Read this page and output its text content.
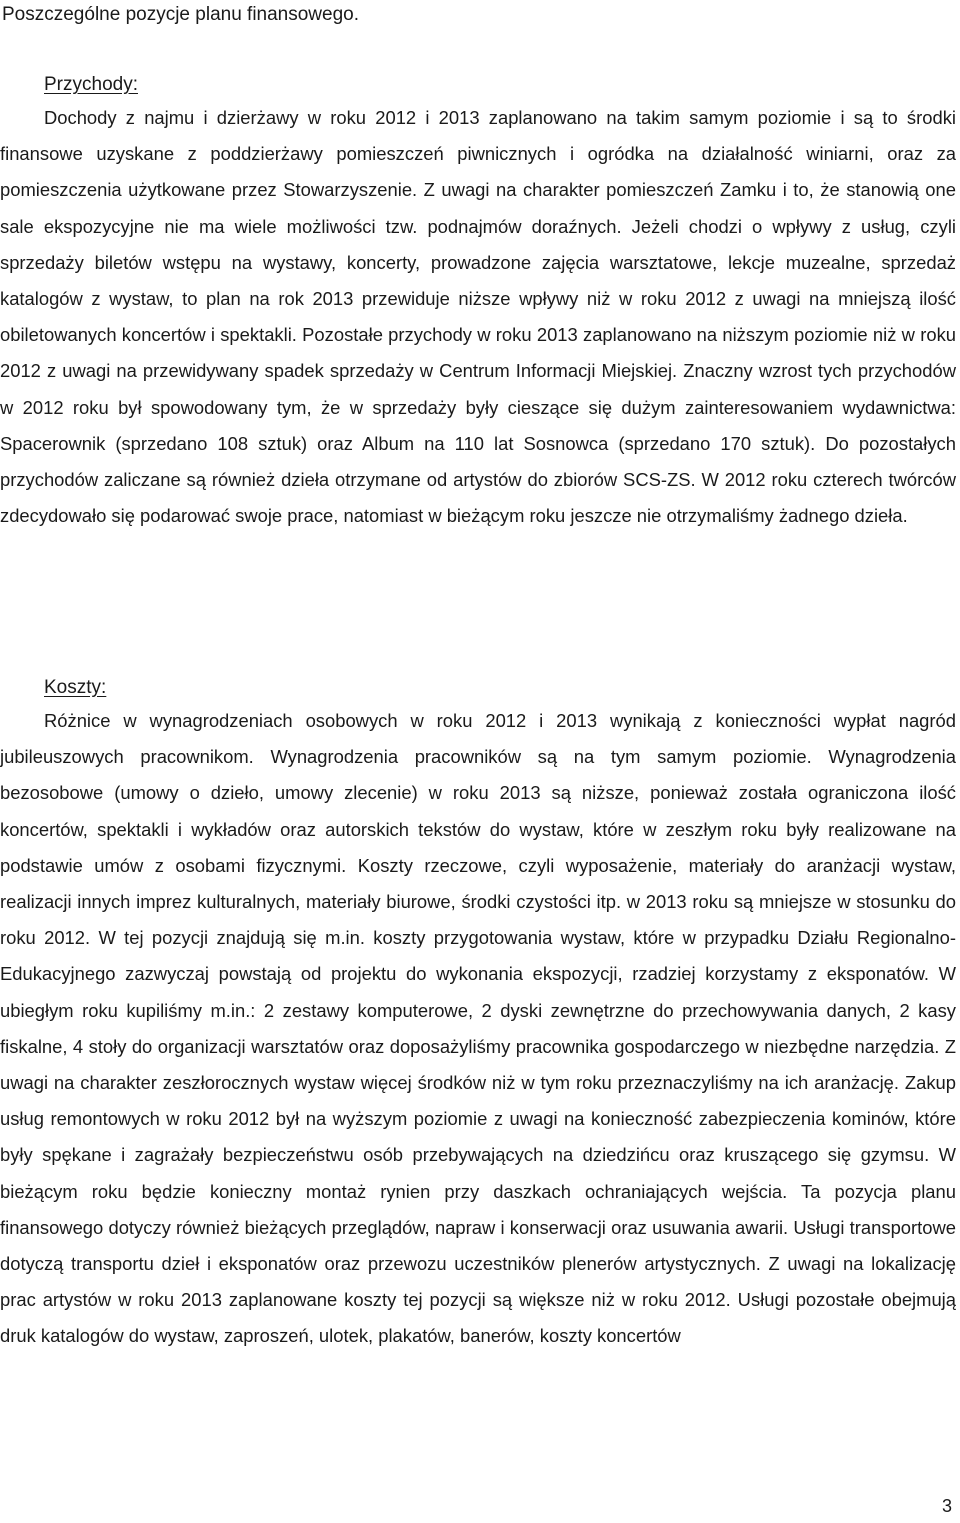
Poszczególne pozycje planu finansowego.
Przychody:

Dochody z najmu i dzierżawy w roku 2012 i 2013 zaplanowano na takim samym poziomie i są to środki finansowe uzyskane z poddzierżawy pomieszczeń piwnicznych i ogródka na działalność winiarni, oraz za pomieszczenia użytkowane przez Stowarzyszenie. Z uwagi na charakter pomieszczeń Zamku i to, że stanowią one sale ekspozycyjne nie ma wiele możliwości tzw. podnajmów doraźnych. Jeżeli chodzi o wpływy z usług, czyli sprzedaży biletów wstępu na wystawy, koncerty, prowadzone zajęcia warsztatowe, lekcje muzealne, sprzedaż katalogów z wystaw, to plan na rok 2013 przewiduje niższe wpływy niż w roku 2012 z uwagi na mniejszą ilość obiletowanych koncertów i spektakli. Pozostałe przychody w roku 2013 zaplanowano na niższym poziomie niż w roku 2012 z uwagi na przewidywany spadek sprzedaży w Centrum Informacji Miejskiej. Znaczny wzrost tych przychodów w 2012 roku był spowodowany tym, że w sprzedaży były cieszące się dużym zainteresowaniem wydawnictwa: Spacerownik (sprzedano 108 sztuk) oraz Album na 110 lat Sosnowca (sprzedano 170 sztuk). Do pozostałych przychodów zaliczane są również dzieła otrzymane od artystów do zbiorów SCS-ZS. W 2012 roku czterech twórców zdecydowało się podarować swoje prace, natomiast w bieżącym roku jeszcze nie otrzymaliśmy żadnego dzieła.

Koszty:

Różnice w wynagrodzeniach osobowych w roku 2012 i 2013 wynikają z konieczności wypłat nagród jubileuszowych pracownikom. Wynagrodzenia pracowników są na tym samym poziomie. Wynagrodzenia bezosobowe (umowy o dzieło, umowy zlecenie) w roku 2013 są niższe, ponieważ została ograniczona ilość koncertów, spektakli i wykładów oraz autorskich tekstów do wystaw, które w zeszłym roku były realizowane na podstawie umów z osobami fizycznymi. Koszty rzeczowe, czyli wyposażenie, materiały do aranżacji wystaw, realizacji innych imprez kulturalnych, materiały biurowe, środki czystości itp. w 2013 roku są mniejsze w stosunku do roku 2012. W tej pozycji znajdują się m.in. koszty przygotowania wystaw, które w przypadku Działu Regionalno-Edukacyjnego zazwyczaj powstają od projektu do wykonania ekspozycji, rzadziej korzystamy z eksponatów. W ubiegłym roku kupiliśmy m.in.: 2 zestawy komputerowe, 2 dyski zewnętrzne do przechowywania danych, 2 kasy fiskalne, 4 stoły do organizacji warsztatów oraz doposażyliśmy pracownika gospodarczego w niezbędne narzędzia. Z uwagi na charakter zeszłorocznych wystaw więcej środków niż w tym roku przeznaczyliśmy na ich aranżację. Zakup usług remontowych w roku 2012 był na wyższym poziomie z uwagi na konieczność zabezpieczenia kominów, które były spękane i zagrażały bezpieczeństwu osób przebywających na dziedzińcu oraz kruszącego się gzymsu. W bieżącym roku będzie konieczny montaż rynien przy daszkach ochraniających wejścia. Ta pozycja planu finansowego dotyczy również bieżących przeglądów, napraw i konserwacji oraz usuwania awarii. Usługi transportowe dotyczą transportu dzieł i eksponatów oraz przewozu uczestników plenerów artystycznych. Z uwagi na lokalizację prac artystów w roku 2013 zaplanowane koszty tej pozycji są większe niż w roku 2012. Usługi pozostałe obejmują druk katalogów do wystaw, zaproszeń, ulotek, plakatów, banerów, koszty koncertów

3
